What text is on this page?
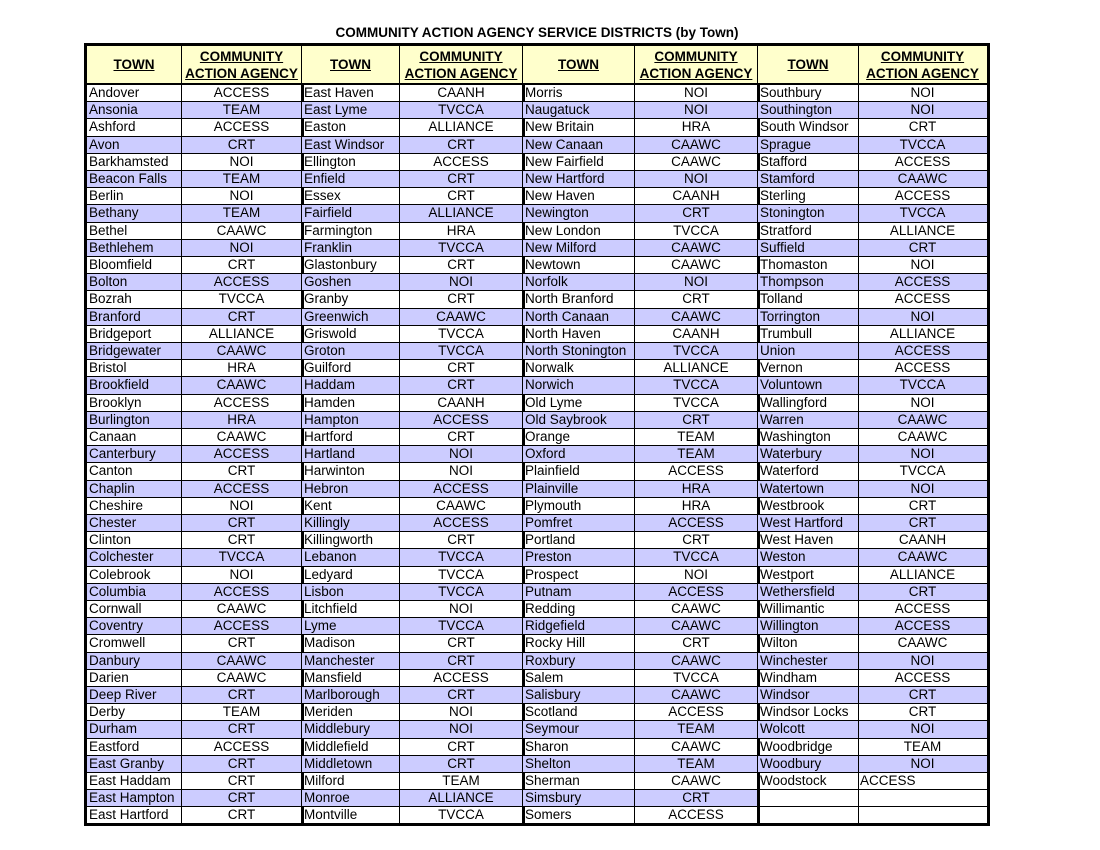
COMMUNITY ACTION AGENCY SERVICE DISTRICTS (by Town)
TOWN
Andover
Ansonia
Ashford
Avon
Barkhamsted
Beacon Falls
Berlin
Bethany
Bethel
Bethlehem
Bloomfield
Bolton
Bozrah
Branford
Bridgeport
Bridgewater
Bristol
Brookfield
Brooklyn
Burlington
Canaan
Canterbury
Canton
Chaplin
Cheshire
Chester
Clinton
Colchester
Colebrook
Columbia
Cornwall
Coventry
Cromwell
Danbury
Darien
Deep River
Derby
Durham
Eastford
East Granby
East Haddam
East Hampton
East Hartford
COMMUNITY
ACTION AGENCY
ACCESS
TEAM
ACCESS
CRT
NOI
TEAM
NOI
TEAM
CAAWC
NOI
CRT
ACCESS
TVCCA
CRT
ALLIANCE
CAAWC
HRA
CAAWC
ACCESS
HRA
CAAWC
ACCESS
CRT
ACCESS
NOI
CRT
CRT
TVCCA
NOI
ACCESS
CAAWC
ACCESS
CRT
CAAWC
CAAWC
CRT
TEAM
CRT
ACCESS
CRT
CRT
CRT
CRT
TOWN
East Haven
East Lyme
Easton
East Windsor
Ellington
Enfield
Essex
Fairfield
Farmington
Franklin
Glastonbury
Goshen
Granby
Greenwich
Griswold
Groton
Guilford
Haddam
Hamden
Hampton
Hartford
Hartland
Harwinton
Hebron
Kent
Killingly
Killingworth
Lebanon
Ledyard
Lisbon
Litchfield
Lyme
Madison
Manchester
Mansfield
Marlborough
Meriden
Middlebury
Middlefield
Middletown
Milford
Monroe
Montville
COMMUNITY
ACTION AGENCY
CAANH
TVCCA
ALLIANCE
CRT
ACCESS
CRT
CRT
ALLIANCE
HRA
TVCCA
CRT
NOI
CRT
CAAWC
TVCCA
TVCCA
CRT
CRT
CAANH
ACCESS
CRT
NOI
NOI
ACCESS
CAAWC
ACCESS
CRT
TVCCA
TVCCA
TVCCA
NOI
TVCCA
CRT
CRT
ACCESS
CRT
NOI
NOI
CRT
CRT
TEAM
ALLIANCE
TVCCA
TOWN
Morris
Naugatuck
New Britain
New Canaan
New Fairfield
New Hartford
New Haven
Newington
New London
New Milford
Newtown
Norfolk
North Branford
North Canaan
North Haven
North Stonington
Norwalk
Norwich
Old Lyme
Old Saybrook
Orange
Oxford
Plainfield
Plainville
Plymouth
Pomfret
Portland
Preston
Prospect
Putnam
Redding
Ridgefield
Rocky Hill
Roxbury
Salem
Salisbury
Scotland
Seymour
Sharon
Shelton
Sherman
Simsbury
Somers
COMMUNITY
ACTION AGENCY
NOI
NOI
HRA
CAAWC
CAAWC
NOI
CAANH
CRT
TVCCA
CAAWC
CAAWC
NOI
CRT
CAAWC
CAANH
TVCCA
ALLIANCE
TVCCA
TVCCA
CRT
TEAM
TEAM
ACCESS
HRA
HRA
ACCESS
CRT
TVCCA
NOI
ACCESS
CAAWC
CAAWC
CRT
CAAWC
TVCCA
CAAWC
ACCESS
TEAM
CAAWC
TEAM
CAAWC
CRT
ACCESS
TOWN
Southbury
Southington
South Windsor
Sprague
Stafford
Stamford
Sterling
Stonington
Stratford
Suffield
Thomaston
Thompson
Tolland
Torrington
Trumbull
Union
Vernon
Voluntown
Wallingford
Warren
Washington
Waterbury
Waterford
Watertown
Westbrook
West Hartford
West Haven
Weston
Westport
Wethersfield
Willimantic
Willington
Wilton
Winchester
Windham
Windsor
Windsor Locks
Wolcott
Woodbridge
Woodbury
Woodstock
COMMUNITY
ACTION AGENCY
NOI
NOI
CRT
TVCCA
ACCESS
CAAWC
ACCESS
TVCCA
ALLIANCE
CRT
NOI
ACCESS
ACCESS
NOI
ALLIANCE
ACCESS
ACCESS
TVCCA
NOI
CAAWC
CAAWC
NOI
TVCCA
NOI
CRT
CRT
CAANH
CAAWC
ALLIANCE
CRT
ACCESS
ACCESS
CAAWC
NOI
ACCESS
CRT
CRT
NOI
TEAM
NOI
ACCESS
